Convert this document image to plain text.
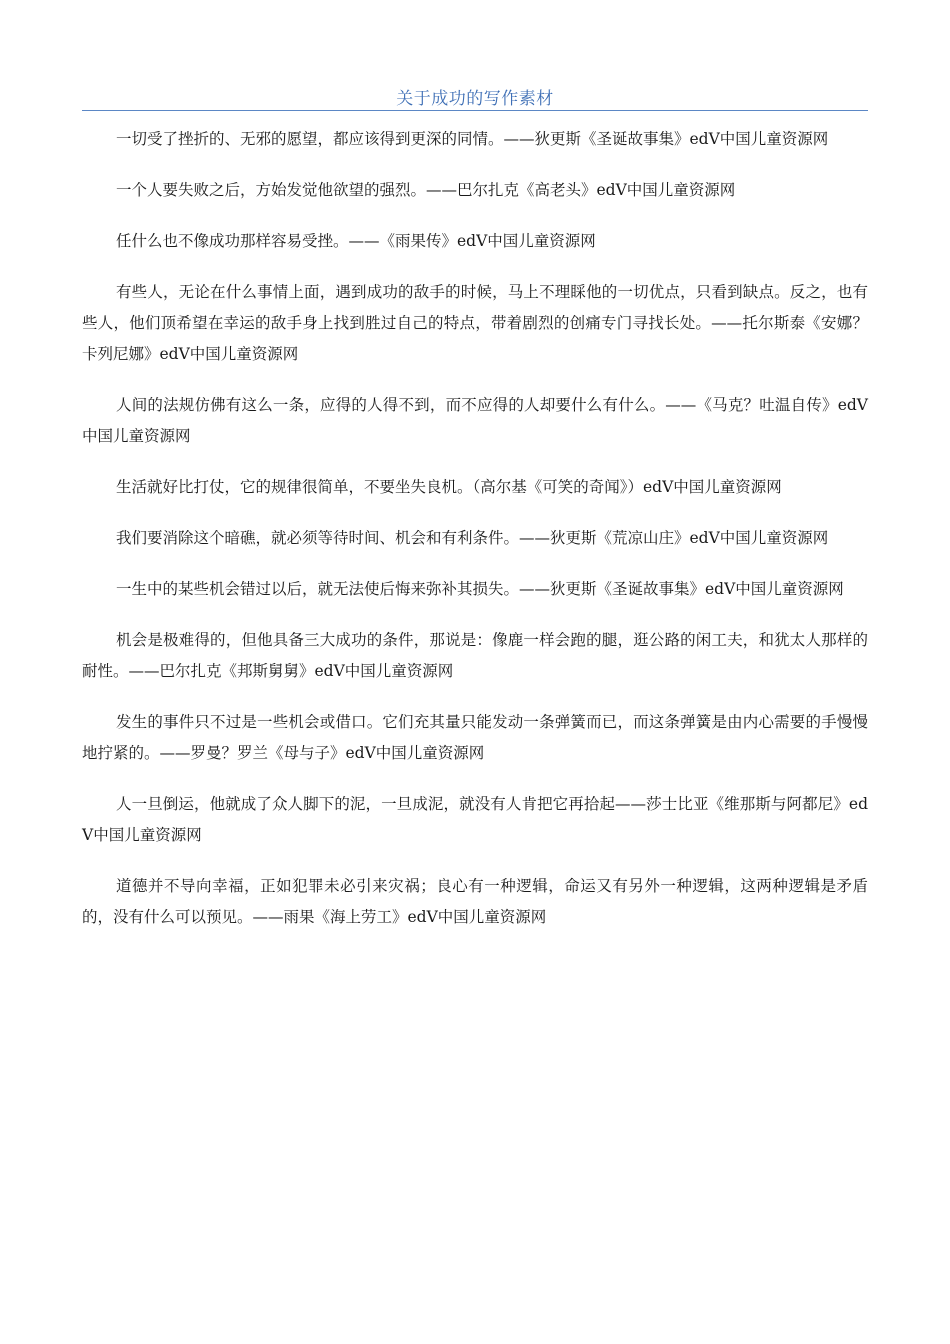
关于成功的写作素材

一切受了挫折的、无邪的愿望，都应该得到更深的同情。——狄更斯《圣诞故事集》edV中国儿童资源网

一个人要失败之后，方始发觉他欲望的强烈。——巴尔扎克《高老头》edV中国儿童资源网

任什么也不像成功那样容易受挫。——《雨果传》edV中国儿童资源网

有些人，无论在什么事情上面，遇到成功的敌手的时候，马上不理睬他的一切优点，只看到缺点。反之，也有些人，他们顶希望在幸运的敌手身上找到胜过自己的特点，带着剧烈的创痛专门寻找长处。——托尔斯泰《安娜？卡列尼娜》edV中国儿童资源网

人间的法规仿佛有这么一条，应得的人得不到，而不应得的人却要什么有什么。——《马克？吐温自传》edV中国儿童资源网

生活就好比打仗，它的规律很简单，不要坐失良机。（高尔基《可笑的奇闻》）edV中国儿童资源网

我们要消除这个暗礁，就必须等待时间、机会和有利条件。——狄更斯《荒凉山庄》edV中国儿童资源网

一生中的某些机会错过以后，就无法使后悔来弥补其损失。——狄更斯《圣诞故事集》edV中国儿童资源网

机会是极难得的，但他具备三大成功的条件，那说是：像鹿一样会跑的腿，逛公路的闲工夫，和犹太人那样的耐性。——巴尔扎克《邦斯舅舅》edV中国儿童资源网

发生的事件只不过是一些机会或借口。它们充其量只能发动一条弹簧而已，而这条弹簧是由内心需要的手慢慢地拧紧的。——罗曼？罗兰《母与子》edV中国儿童资源网

人一旦倒运，他就成了众人脚下的泥，一旦成泥，就没有人肯把它再拾起——莎士比亚《维那斯与阿都尼》edV中国儿童资源网

道德并不导向幸福，正如犯罪未必引来灾祸；良心有一种逻辑，命运又有另外一种逻辑，这两种逻辑是矛盾的，没有什么可以预见。——雨果《海上劳工》edV中国儿童资源网
